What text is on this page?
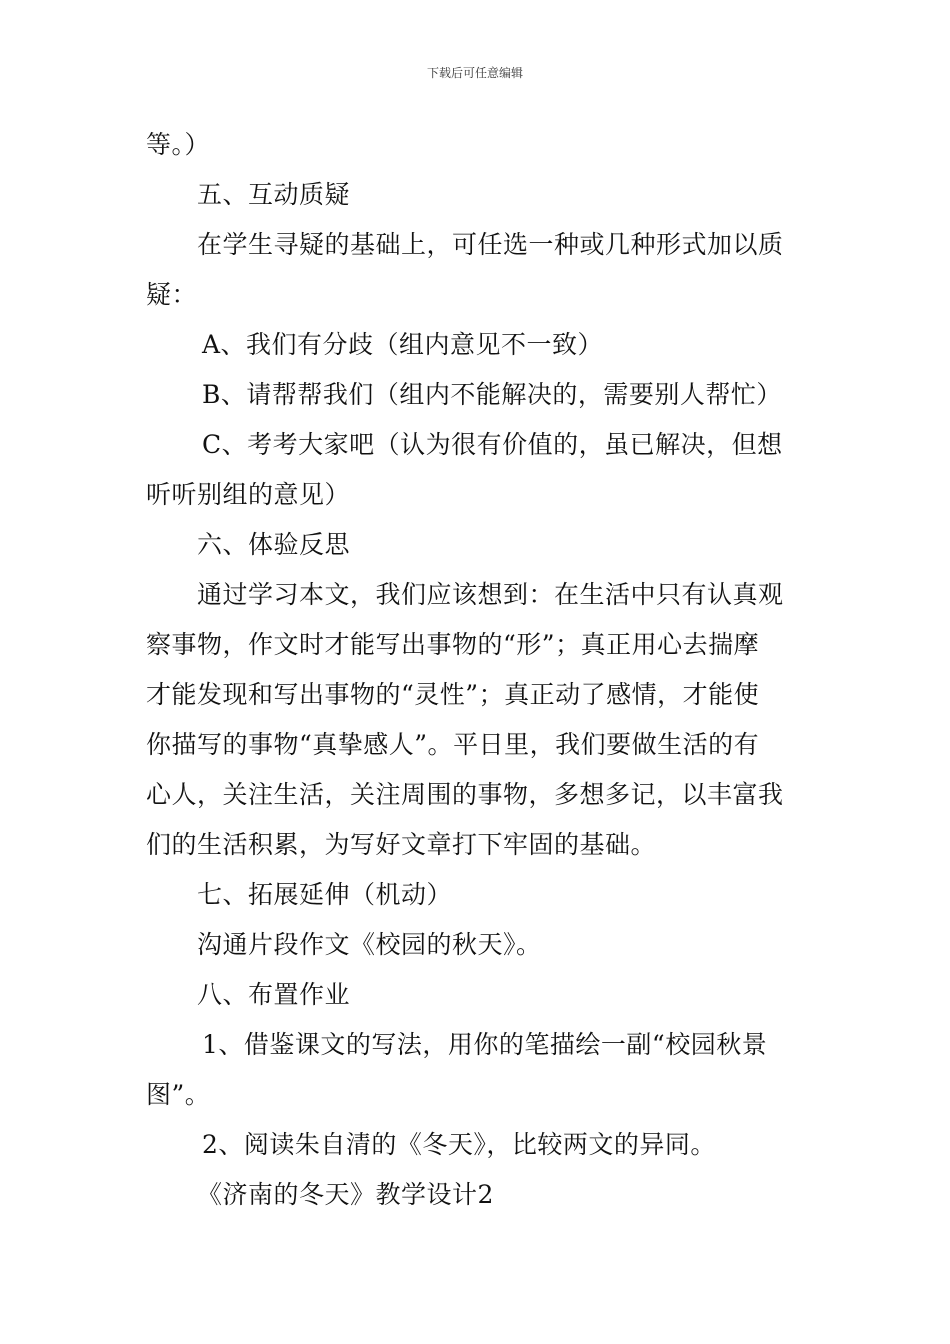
下载后可任意编辑
等。）
五、互动质疑
在学生寻疑的基础上，可任选一种或几种形式加以质
疑：
A、我们有分歧（组内意见不一致）
B、请帮帮我们（组内不能解决的，需要别人帮忙）
C、考考大家吧（认为很有价值的，虽已解决，但想
听听别组的意见）
六、体验反思
通过学习本文，我们应该想到：在生活中只有认真观
察事物，作文时才能写出事物的“形”；真正用心去揣摩
才能发现和写出事物的“灵性”；真正动了感情，才能使
你描写的事物“真挚感人”。平日里，我们要做生活的有
心人，关注生活，关注周围的事物，多想多记，以丰富我
们的生活积累，为写好文章打下牢固的基础。
七、拓展延伸（机动）
沟通片段作文《校园的秋天》。
八、布置作业
1、借鉴课文的写法，用你的笔描绘一副“校园秋景
图”。
2、阅读朱自清的《冬天》，比较两文的异同。
《济南的冬天》教学设计2
